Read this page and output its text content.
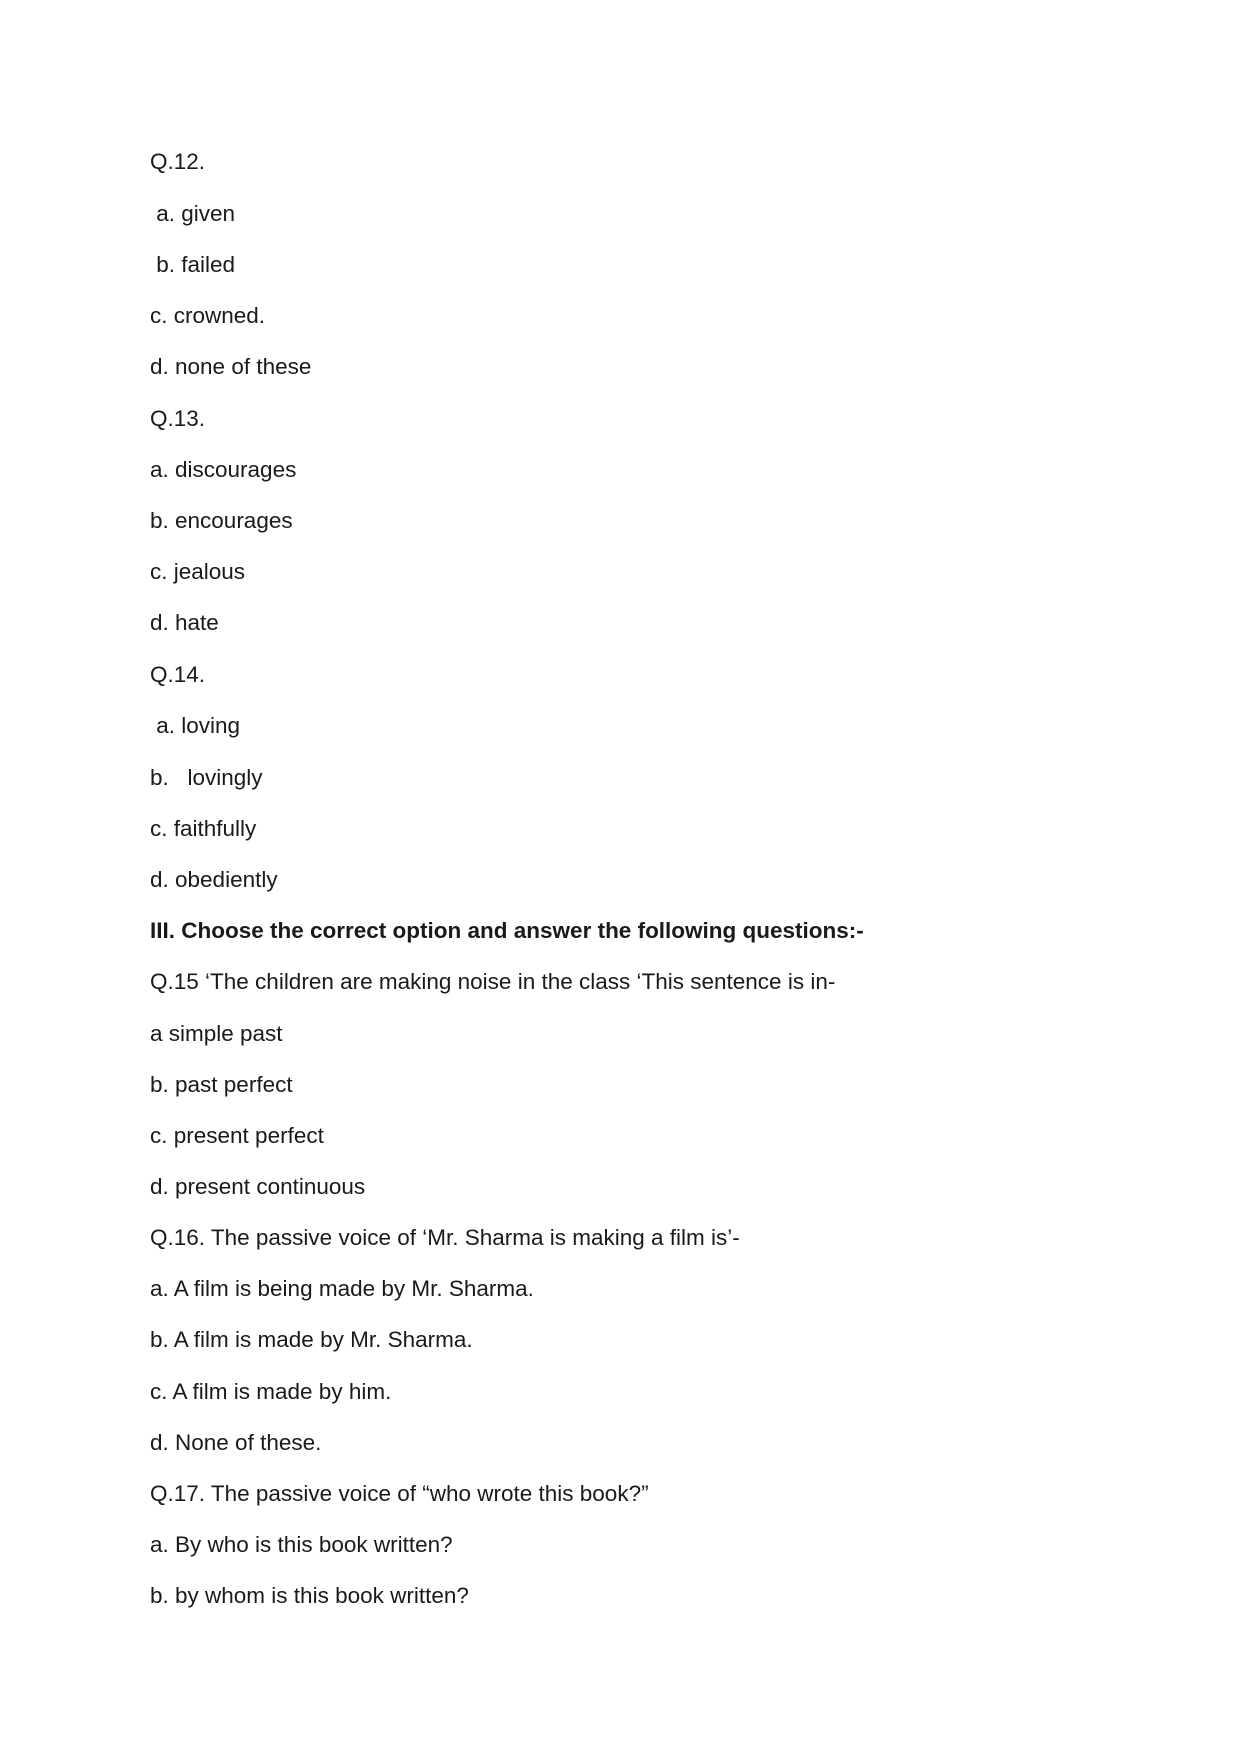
Q.12.
a. given
b. failed
c. crowned.
d. none of these
Q.13.
a. discourages
b. encourages
c. jealous
d. hate
Q.14.
a. loving
b.   lovingly
c. faithfully
d. obediently
III. Choose the correct option and answer the following questions:-
Q.15 ‘The children are making noise in the class ‘This sentence is in-
a simple past
b. past perfect
c. present perfect
d. present continuous
Q.16. The passive voice of ‘Mr. Sharma is making a film is’-
a. A film is being made by Mr. Sharma.
b. A film is made by Mr. Sharma.
c. A film is made by him.
d. None of these.
Q.17. The passive voice of “who wrote this book?”
a. By who is this book written?
b. by whom is this book written?
